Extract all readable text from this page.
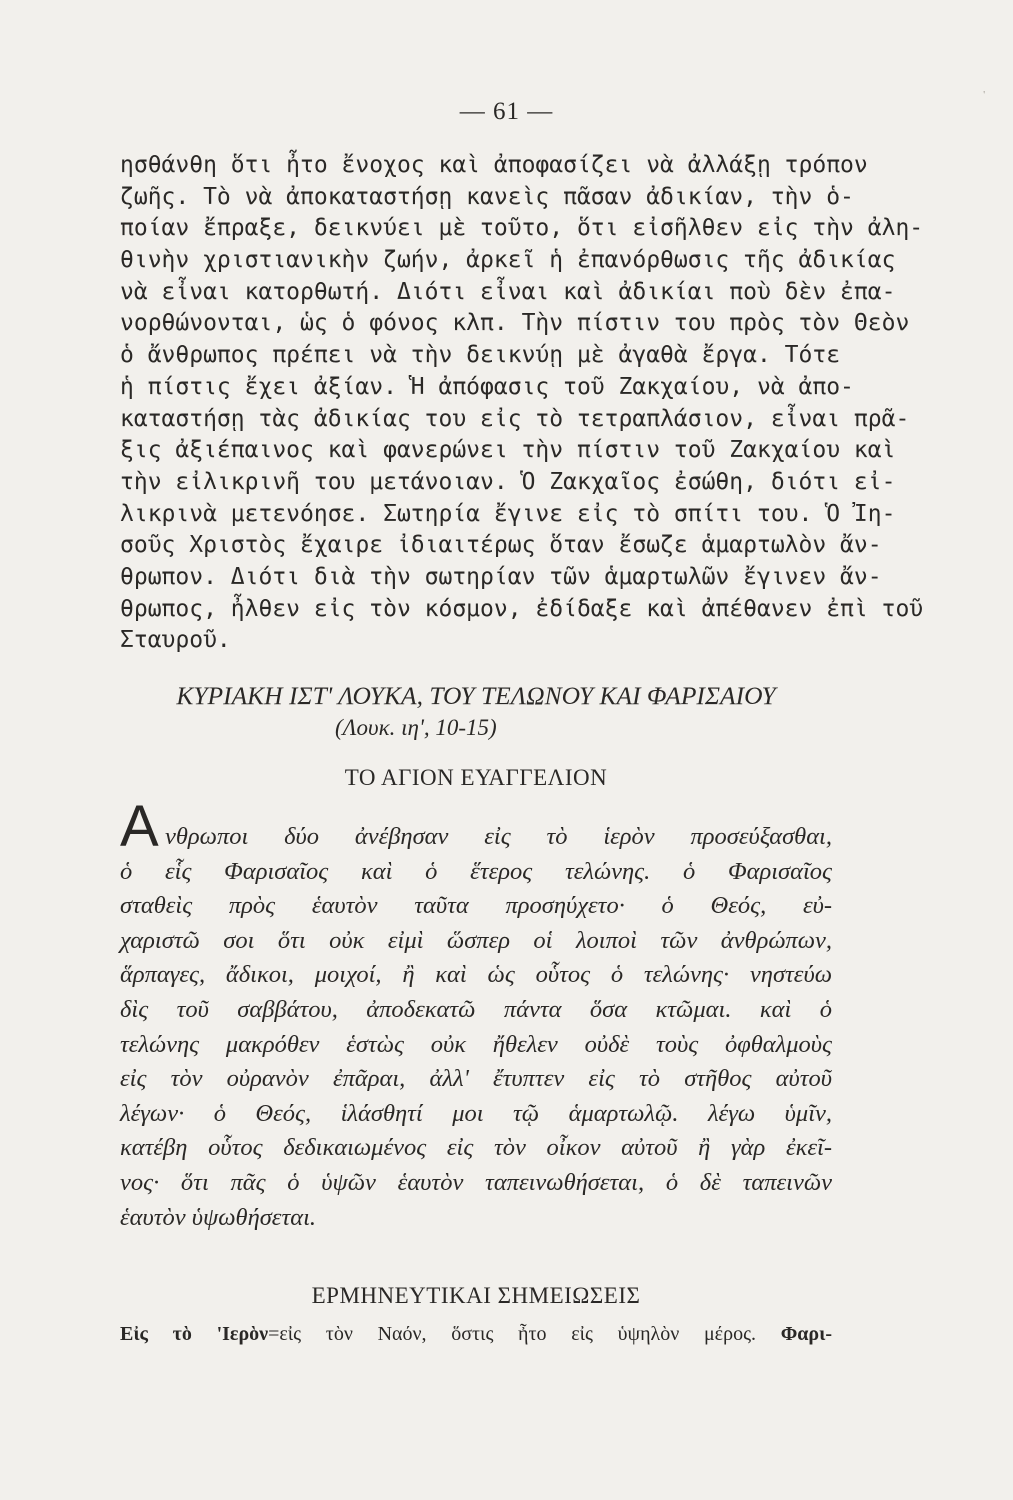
'
— 61 —
ησθάνθη ὅτι ἦτο ἔνοχος καὶ ἀποφασίζει νὰ ἀλλάξῃ τρόπον
ζωῆς. Τὸ νὰ ἀποκαταστήσῃ κανεὶς πᾶσαν ἀδικίαν, τὴν ὁ-
ποίαν ἔπραξε, δεικνύει μὲ τοῦτο, ὅτι εἰσῆλθεν εἰς τὴν ἀλη-
θινὴν χριστιανικὴν ζωήν, ἀρκεῖ ἡ ἐπανόρθωσις τῆς ἀδικίας
νὰ εἶναι κατορθωτή. Διότι εἶναι καὶ ἀδικίαι ποὺ δὲν ἐπα-
νορθώνονται, ὡς ὁ φόνος κλπ. Τὴν πίστιν του πρὸς τὸν Θεὸν
ὁ ἄνθρωπος πρέπει νὰ τὴν δεικνύῃ μὲ ἀγαθὰ ἔργα. Τότε
ἡ πίστις ἔχει ἀξίαν. Ἡ ἀπόφασις τοῦ Ζακχαίου, νὰ ἀπο-
καταστήσῃ τὰς ἀδικίας του εἰς τὸ τετραπλάσιον, εἶναι πρᾶ-
ξις ἀξιέπαινος καὶ φανερώνει τὴν πίστιν τοῦ Ζακχαίου καὶ
τὴν εἰλικρινῆ του μετάνοιαν. Ὁ Ζακχαῖος ἐσώθη, διότι εἰ-
λικρινὰ μετενόησε. Σωτηρία ἔγινε εἰς τὸ σπίτι του. Ὁ Ἰη-
σοῦς Χριστὸς ἔχαιρε ἰδιαιτέρως ὅταν ἔσωζε ἁμαρτωλὸν ἄν-
θρωπον. Διότι διὰ τὴν σωτηρίαν τῶν ἁμαρτωλῶν ἔγινεν ἄν-
θρωπος, ἦλθεν εἰς τὸν κόσμον, ἐδίδαξε καὶ ἀπέθανεν ἐπὶ τοῦ
Σταυροῦ.
ΚΥΡΙΑΚΗ ΙΣΤ' ΛΟΥΚΑ, ΤΟΥ ΤΕΛΩΝΟΥ ΚΑΙ ΦΑΡΙΣΑΙΟΥ
(Λουκ. ιη', 10-15)
ΤΟ ΑΓΙΟΝ ΕΥΑΓΓΕΛΙΟΝ
Α νθρωποι δύο ἀνέβησαν εἰς τὸ ἱερὸν προσεύξασθαι,
ὁ εἷς Φαρισαῖος καὶ ὁ ἕτερος τελώνης. ὁ Φαρισαῖος
σταθεὶς πρὸς ἑαυτὸν ταῦτα προσηύχετο· ὁ Θεός, εὐ-
χαριστῶ σοι ὅτι οὐκ εἰμὶ ὥσπερ οἱ λοιποὶ τῶν ἀνθρώπων,
ἅρπαγες, ἄδικοι, μοιχοί, ἢ καὶ ὡς οὗτος ὁ τελώνης· νηστεύω
δὶς τοῦ σαββάτου, ἀποδεκατῶ πάντα ὅσα κτῶμαι. καὶ ὁ
τελώνης μακρόθεν ἑστὼς οὐκ ἤθελεν οὐδὲ τοὺς ὀφθαλμοὺς
εἰς τὸν οὐρανὸν ἐπᾶραι, ἀλλ' ἔτυπτεν εἰς τὸ στῆθος αὐτοῦ
λέγων· ὁ Θεός, ἱλάσθητί μοι τῷ ἁμαρτωλῷ. λέγω ὑμῖν,
κατέβη οὗτος δεδικαιωμένος εἰς τὸν οἶκον αὐτοῦ ἢ γὰρ ἐκεῖ-
νος· ὅτι πᾶς ὁ ὑψῶν ἑαυτὸν ταπεινωθήσεται, ὁ δὲ ταπεινῶν
ἑαυτὸν ὑψωθήσεται.
ΕΡΜΗΝΕΥΤΙΚΑΙ ΣΗΜΕΙΩΣΕΙΣ
Εἰς τὸ 'Ιερὸν=εἰς τὸν Ναόν, ὅστις ἦτο εἰς ὑψηλὸν μέρος. Φαρι-
